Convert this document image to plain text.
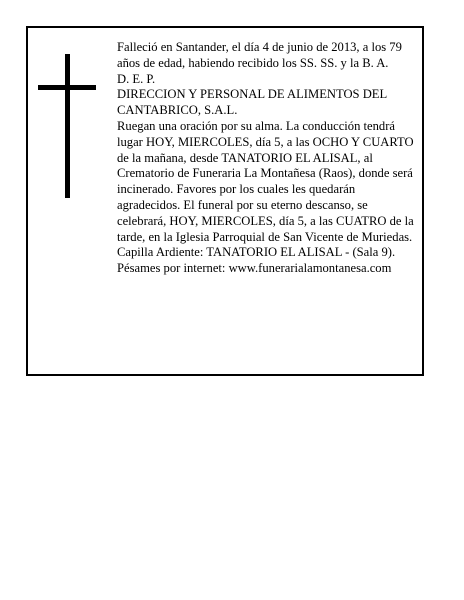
Falleció en Santander, el día 4 de junio de 2013, a los 79 años de edad, habiendo recibido los SS. SS. y la B. A.

D. E. P.

DIRECCION Y PERSONAL DE ALIMENTOS DEL CANTABRICO, S.A.L.

Ruegan una oración por su alma. La conducción tendrá lugar HOY, MIERCOLES, día 5, a las OCHO Y CUARTO de la mañana, desde TANATORIO EL ALISAL, al Crematorio de Funeraria La Montañesa (Raos), donde será incinerado. Favores por los cuales les quedarán agradecidos. El funeral por su eterno descanso, se celebrará, HOY, MIERCOLES, día 5, a las CUATRO de la tarde, en la Iglesia Parroquial de San Vicente de Muriedas. Capilla Ardiente: TANATORIO EL ALISAL - (Sala 9).

Pésames por internet: www.funerarialamontanesa.com
